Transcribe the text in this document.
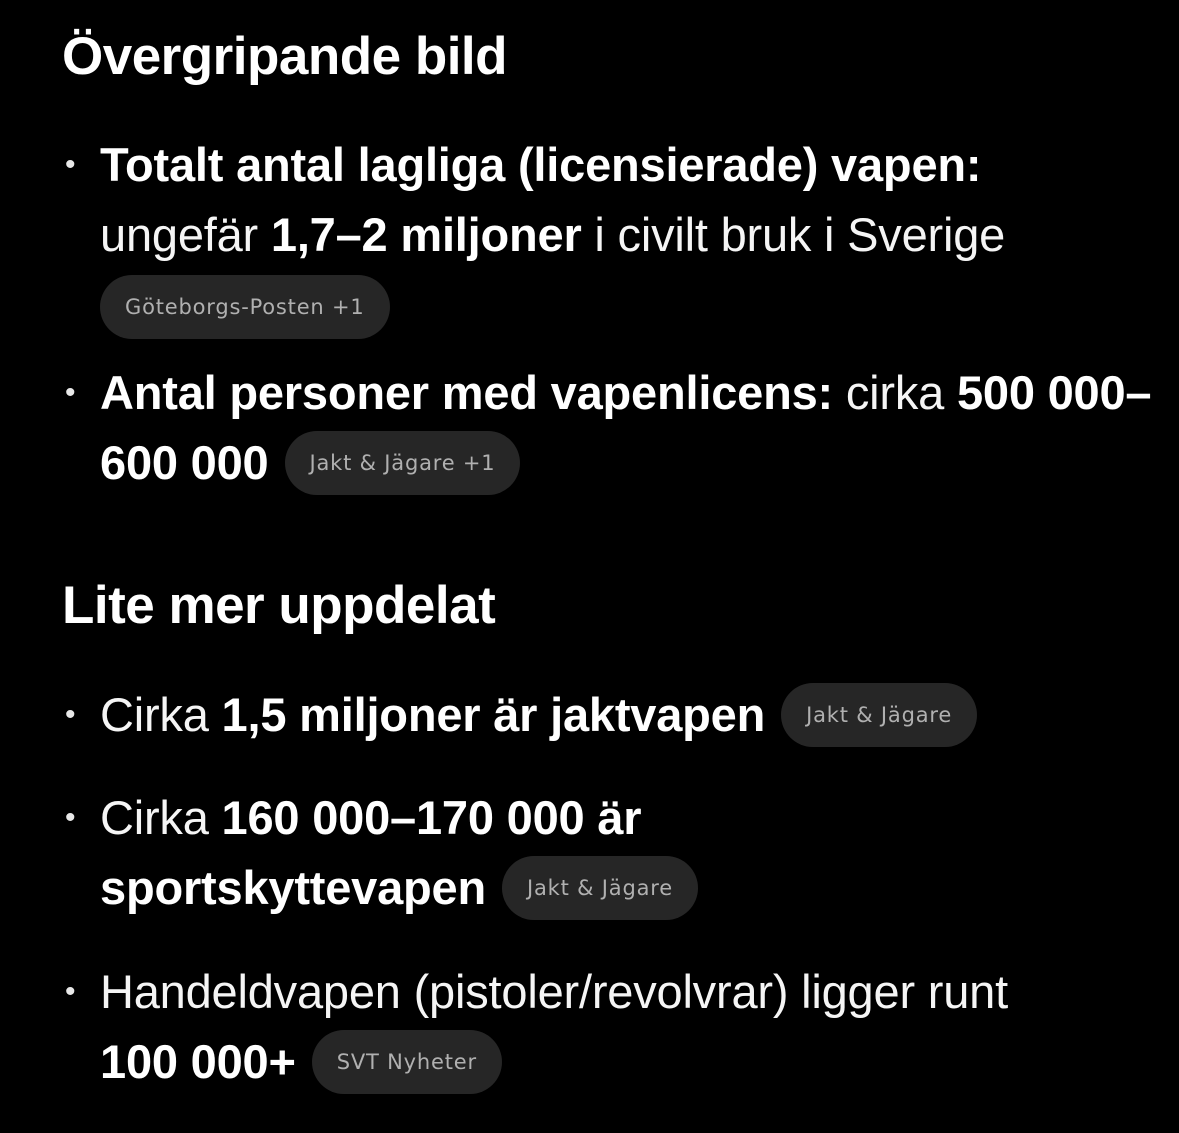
Övergripande bild
• Totalt antal lagliga (licensierade) vapen:
ungefär 1,7–2 miljoner i civilt bruk i Sverige
Göteborgs-Posten +1
• Antal personer med vapenlicens: cirka 500 000–600 000 Jakt & Jägare +1
Lite mer uppdelat
• Cirka 1,5 miljoner är jaktvapen Jakt & Jägare
• Cirka 160 000–170 000 är
sportskyttevapen Jakt & Jägare
• Handeldvapen (pistoler/revolvrar) ligger runt
100 000+ SVT Nyheter
